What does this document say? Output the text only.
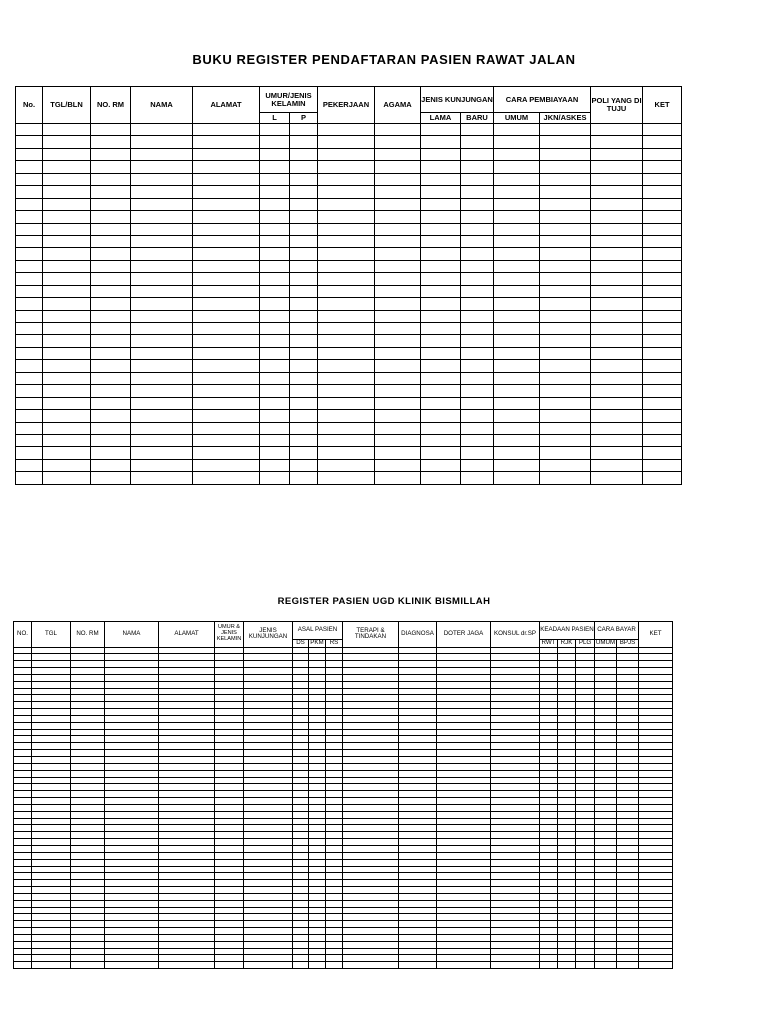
BUKU REGISTER PENDAFTARAN PASIEN RAWAT JALAN
No.	TGL/BLN	NO. RM	NAMA	ALAMAT	UMUR/JENIS KELAMIN		PEKERJAAN	AGAMA	JENIS KUNJUNGAN		CARA PEMBIAYAAN		POLI YANG DI TUJU	KET
					L	P			LAMA	BARU	UMUM	JKN/ASKES		

REGISTER PASIEN UGD KLINIK BISMILLAH
NO.	TGL	NO. RM	NAMA	ALAMAT	UMUR & JENIS KELAMIN	JENIS KUNJUNGAN	ASAL PASIEN			TERAPI & TINDAKAN	DIAGNOSA	DOTER JAGA	KONSUL dr.SP	KEADAAN PASIEN			CARA BAYAR		KET
							DS	PKM	RS					RWT	RJK	PLG	UMUM	BPJS	
